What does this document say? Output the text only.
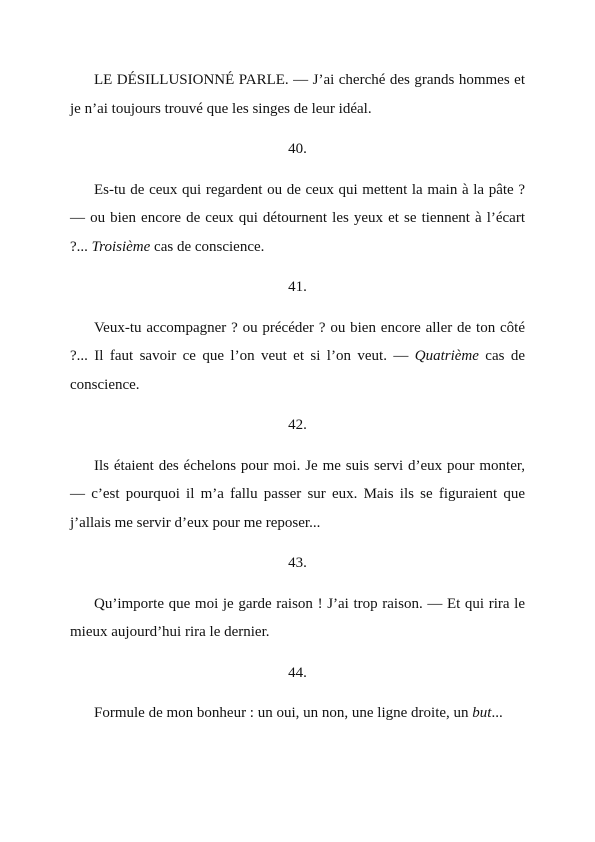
LE DÉSILLUSIONNÉ PARLE. — J’ai cherché des grands hommes et je n’ai toujours trouvé que les singes de leur idéal.

40.

Es-tu de ceux qui regardent ou de ceux qui mettent la main à la pâte ? — ou bien encore de ceux qui détournent les yeux et se tiennent à l’écart ?... Troisième cas de conscience.

41.

Veux-tu accompagner ? ou précéder ? ou bien encore aller de ton côté ?... Il faut savoir ce que l’on veut et si l’on veut. — Quatrième cas de conscience.

42.

Ils étaient des échelons pour moi. Je me suis servi d’eux pour monter, — c’est pourquoi il m’a fallu passer sur eux. Mais ils se figuraient que j’allais me servir d’eux pour me reposer...

43.

Qu’importe que moi je garde raison ! J’ai trop raison. — Et qui rira le mieux aujourd’hui rira le dernier.

44.

Formule de mon bonheur : un oui, un non, une ligne droite, un but...
